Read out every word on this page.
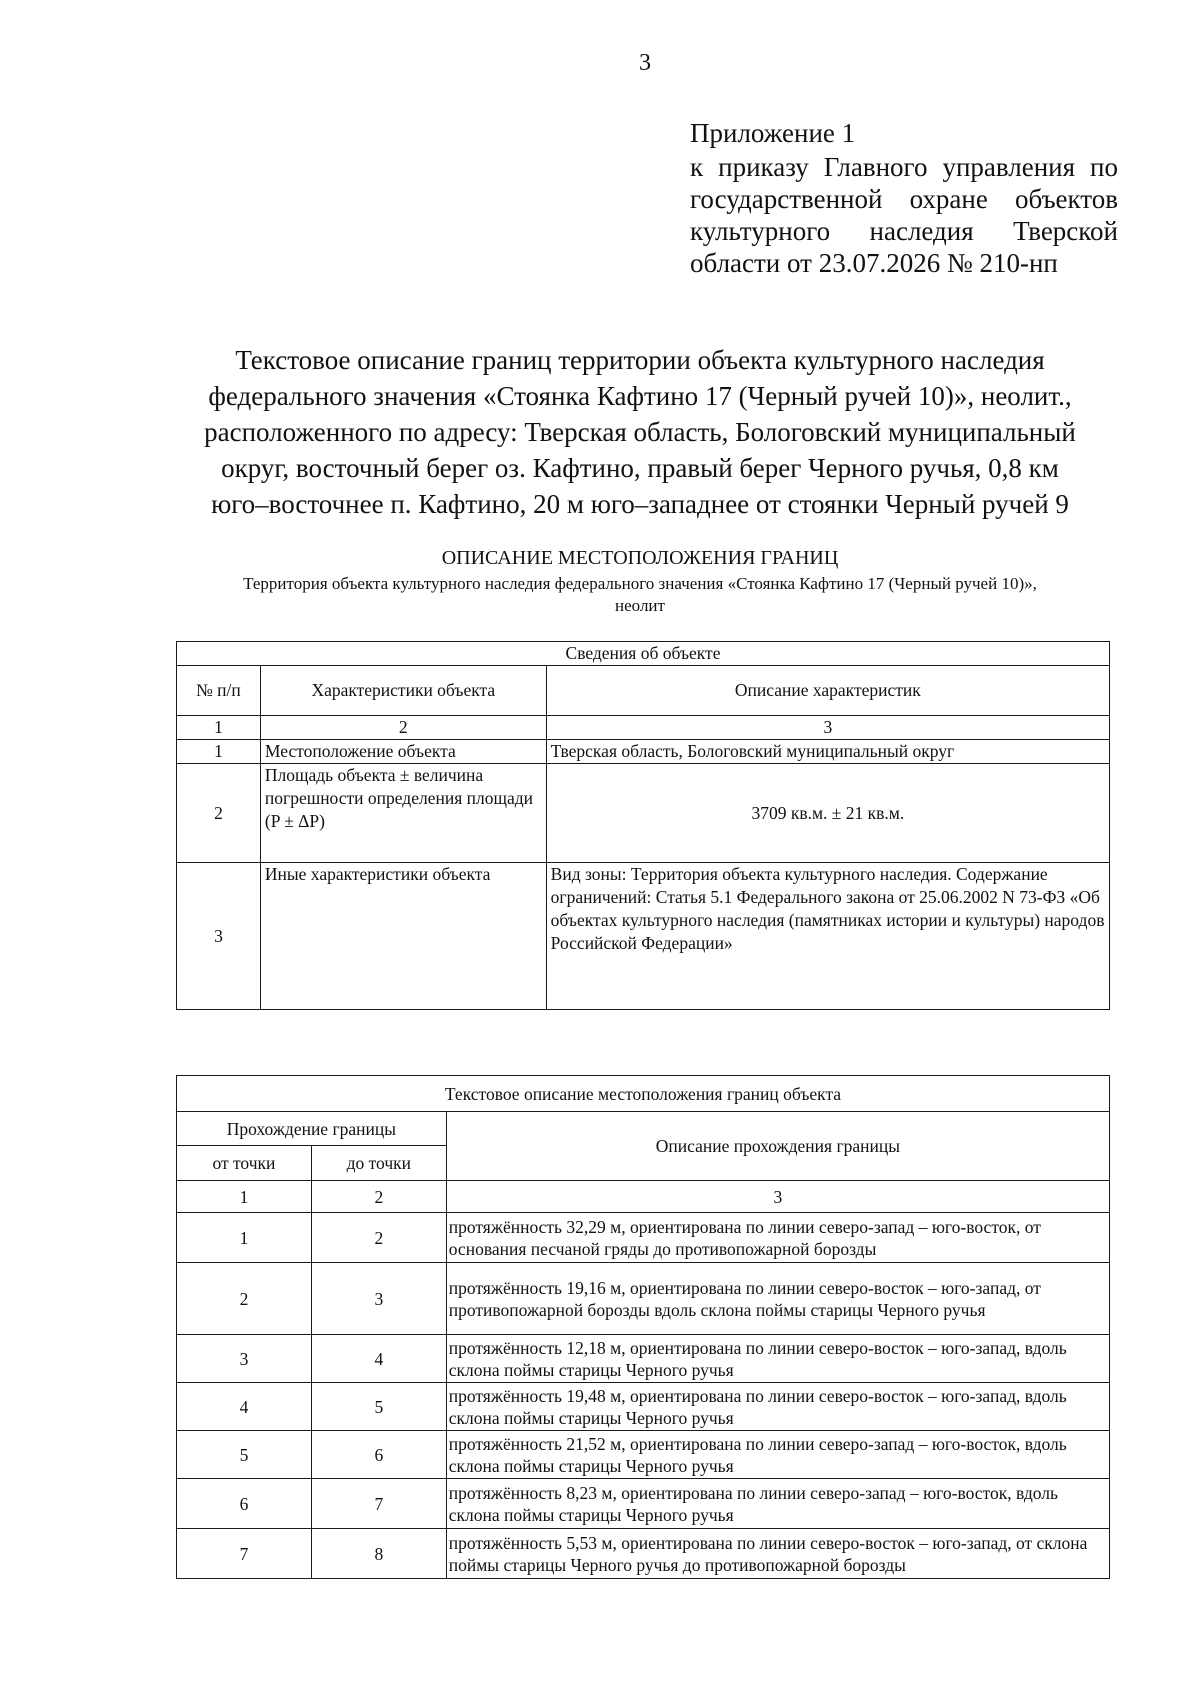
3
Приложение 1
к приказу Главного управления по государственной охране объектов культурного наследия Тверской области от 23.07.2026 № 210-нп
Текстовое описание границ территории объекта культурного наследия
федерального значения «Стоянка Кафтино 17 (Черный ручей 10)», неолит.,
расположенного по адресу: Тверская область, Бологовский муниципальный
округ, восточный берег оз. Кафтино, правый берег Черного ручья, 0,8 км
юго–восточнее п. Кафтино, 20 м юго–западнее от стоянки Черный ручей 9
ОПИСАНИЕ МЕСТОПОЛОЖЕНИЯ ГРАНИЦ
Территория объекта культурного наследия федерального значения «Стоянка Кафтино 17 (Черный ручей 10)»,
неолит
Сведения об объекте		
№ п/п	Характеристики объекта	Описание характеристик
1	2	3
1	Местоположение объекта	Тверская область, Бологовский муниципальный округ
2	Площадь объекта ± величина погрешности определения площади (P ± ΔP)	3709 кв.м. ± 21 кв.м.
3	Иные характеристики объекта	Вид зоны: Территория объекта культурного наследия. Содержание ограничений: Статья 5.1 Федерального закона от 25.06.2002 N 73-ФЗ «Об объектах культурного наследия (памятниках истории и культуры) народов Российской Федерации»
Текстовое описание местоположения границ объекта		
Прохождение границы		Описание прохождения границы
от точки	до точки	
1	2	3
1	2	протяжённость 32,29 м, ориентирована по линии северо-запад – юго-восток, от основания песчаной гряды до противопожарной борозды
2	3	протяжённость 19,16 м, ориентирована по линии северо-восток – юго-запад, от противопожарной борозды вдоль склона поймы старицы Черного ручья
3	4	протяжённость 12,18 м, ориентирована по линии северо-восток – юго-запад, вдоль склона поймы старицы Черного ручья
4	5	протяжённость 19,48 м, ориентирована по линии северо-восток – юго-запад, вдоль склона поймы старицы Черного ручья
5	6	протяжённость 21,52 м, ориентирована по линии северо-запад – юго-восток, вдоль склона поймы старицы Черного ручья
6	7	протяжённость 8,23 м, ориентирована по линии северо-запад – юго-восток, вдоль склона поймы старицы Черного ручья
7	8	протяжённость 5,53 м, ориентирована по линии северо-восток – юго-запад, от склона поймы старицы Черного ручья до противопожарной борозды
